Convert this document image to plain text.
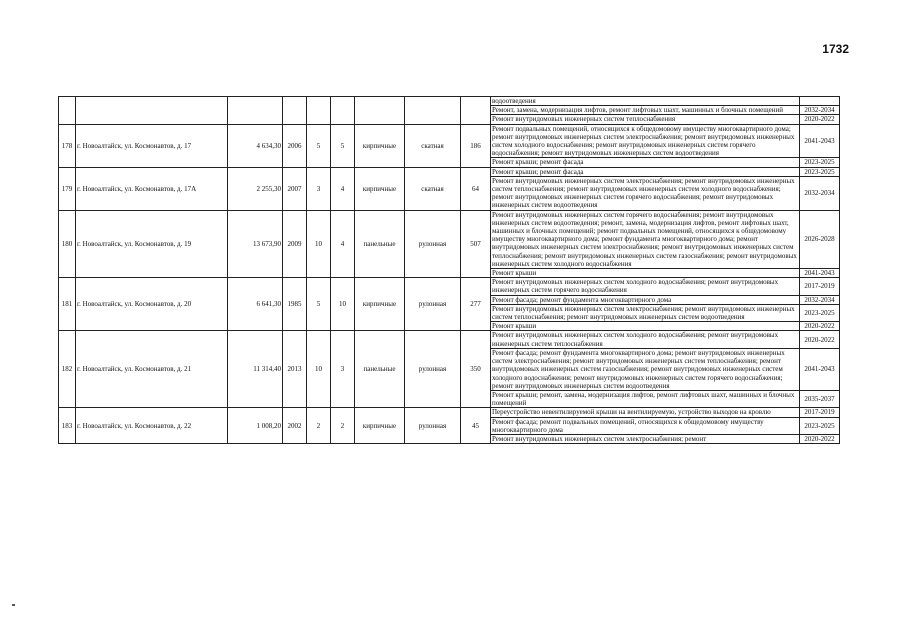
1732
									водоотведения	
									Ремонт, замена, модернизация лифтов, ремонт лифтовых шахт, машинных и блочных помещений	2032-2034
									Ремонт внутридомовых инженерных систем теплоснабжения	2020-2022
178	г. Новоалтайск, ул. Космонавтов, д. 17	4 634,30	2006	5	5	кирпичные	скатная	186	Ремонт подвальных помещений, относящихся к общедомовому имуществу многоквартирного дома; ремонт внутридомовых инженерных систем электроснабжения; ремонт внутридомовых инженерных систем холодного водоснабжения; ремонт внутридомовых инженерных систем горячего водоснабжения; ремонт внутридомовых инженерных систем водоотведения	2041-2043
									Ремонт крыши; ремонт фасада	2023-2025
179	г. Новоалтайск, ул. Космонавтов, д. 17А	2 255,30	2007	3	4	кирпичные	скатная	64	Ремонт крыши; ремонт фасада	2023-2025
									Ремонт внутридомовых инженерных систем электроснабжения; ремонт внутридомовых инженерных систем теплоснабжения; ремонт внутридомовых инженерных систем холодного водоснабжения; ремонт внутридомовых инженерных систем горячего водоснабжения; ремонт внутридомовых инженерных систем водоотведения	2032-2034
180	г. Новоалтайск, ул. Космонавтов, д. 19	13 673,90	2009	10	4	панельные	рулонная	507	Ремонт внутридомовых инженерных систем горячего водоснабжения; ремонт внутридомовых инженерных систем водоотведения; ремонт, замена, модернизация лифтов, ремонт лифтовых шахт, машинных и блочных помещений; ремонт подвальных помещений, относящихся к общедомовому имуществу многоквартирного дома; ремонт фундамента многоквартирного дома; ремонт внутридомовых инженерных систем электроснабжения; ремонт внутридомовых инженерных систем теплоснабжения; ремонт внутридомовых инженерных систем газоснабжения; ремонт внутридомовых инженерных систем холодного водоснабжения	2026-2028
									Ремонт крыши	2041-2043
181	г. Новоалтайск, ул. Космонавтов, д. 20	6 641,30	1985	5	10	кирпичные	рулонная	277	Ремонт внутридомовых инженерных систем холодного водоснабжения; ремонт внутридомовых инженерных систем горячего водоснабжения	2017-2019
									Ремонт фасада; ремонт фундамента многоквартирного дома	2032-2034
									Ремонт внутридомовых инженерных систем электроснабжения; ремонт внутридомовых инженерных систем теплоснабжения; ремонт внутридомовых инженерных систем водоотведения	2023-2025
									Ремонт крыши	2020-2022
182	г. Новоалтайск, ул. Космонавтов, д. 21	11 314,40	2013	10	3	панельные	рулонная	350	Ремонт внутридомовых инженерных систем холодного водоснабжения; ремонт внутридомовых инженерных систем теплоснабжения	2020-2022
									Ремонт фасада; ремонт фундамента многоквартирного дома; ремонт внутридомовых инженерных систем электроснабжения; ремонт внутридомовых инженерных систем теплоснабжения; ремонт внутридомовых инженерных систем газоснабжения; ремонт внутридомовых инженерных систем холодного водоснабжения; ремонт внутридомовых инженерных систем горячего водоснабжения; ремонт внутридомовых инженерных систем водоотведения	2041-2043
									Ремонт крыши; ремонт, замена, модернизация лифтов, ремонт лифтовых шахт, машинных и блочных помещений	2035-2037
183	г. Новоалтайск, ул. Космонавтов, д. 22	1 008,20	2002	2	2	кирпичные	рулонная	45	Переустройство невентилируемой крыши на вентилируемую, устройство выходов на кровлю	2017-2019
									Ремонт фасада; ремонт подвальных помещений, относящихся к общедомовому имуществу многоквартирного дома	2023-2025
									Ремонт внутридомовых инженерных систем электроснабжения; ремонт	2020-2022
